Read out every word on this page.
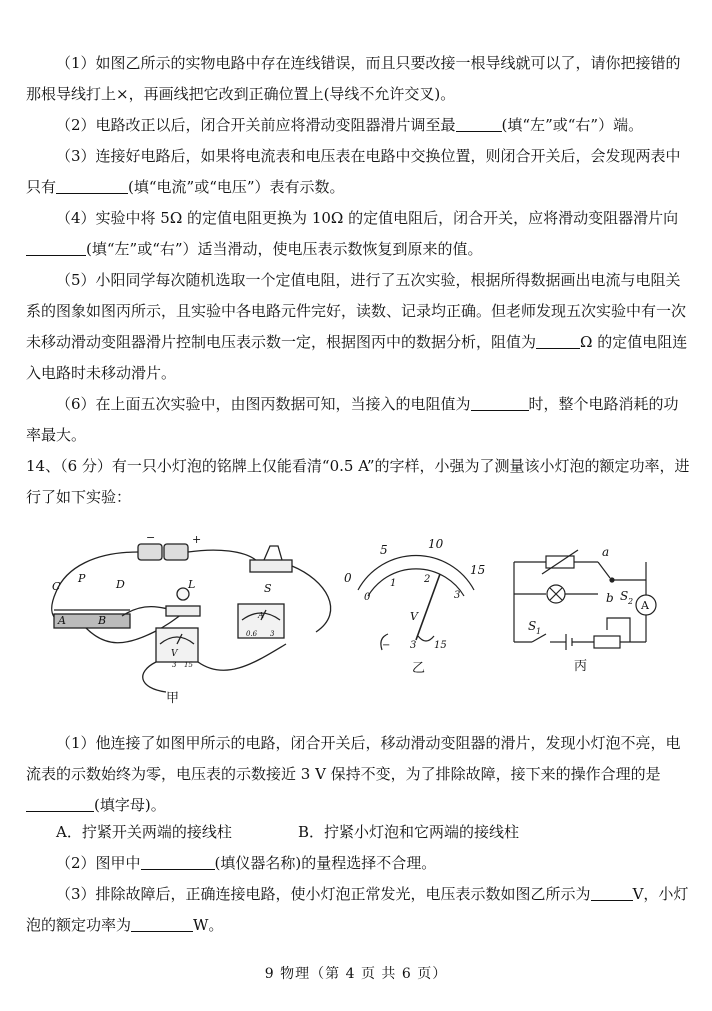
（1）如图乙所示的实物电路中存在连线错误，而且只要改接一根导线就可以了，请你把接错的那根导线打上×，再画线把它改到正确位置上(导线不允许交叉)。

（2）电路改正以后，闭合开关前应将滑动变阻器滑片调至最	(填“左”或“右”）端。

（3）连接好电路后，如果将电流表和电压表在电路中交换位置，则闭合开关后，会发现两表中只有	(填“电流”或“电压”）表有示数。

（4）实验中将 5Ω 的定值电阻更换为 10Ω 的定值电阻后，闭合开关，应将滑动变阻器滑片向(填“左”或“右”）适当滑动，使电压表示数恢复到原来的值。

（5）小阳同学每次随机选取一个定值电阻，进行了五次实验，根据所得数据画出电流与电阻关系的图象如图丙所示，且实验中各电路元件完好，读数、记录均正确。但老师发现五次实验中有一次未移动滑动变阻器滑片控制电压表示数一定，根据图丙中的数据分析，阻值为	Ω 的定值电阻连入电路时未移动滑片。

（6）在上面五次实验中，由图丙数据可知，当接入的电阻值为	时，整个电路消耗的功率最大。

14、（6 分）有一只小灯泡的铭牌上仅能看清“0.5 A”的字样，小强为了测量该小灯泡的额定功率，进行了如下实验：

−	+
C
P	D
A	B
L	S
V
A
0.6 3
3 15
甲
0
5	10
15
0
1	2
3
V
− 3 15
乙
a
b S 2
S 1
A
丙

（1）他连接了如图甲所示的电路，闭合开关后，移动滑动变阻器的滑片，发现小灯泡不亮，电流表的示数始终为零，电压表的示数接近 3 V 保持不变，为了排除故障，接下来的操作合理的是(填字母)。

A．拧紧开关两端的接线柱	B．拧紧小灯泡和它两端的接线柱

（2）图甲中	(填仪器名称)的量程选择不合理。

（3）排除故障后，正确连接电路，使小灯泡正常发光，电压表示数如图乙所示为	V，小灯泡的额定功率为	W。

9 物理（第 4 页 共 6 页）
